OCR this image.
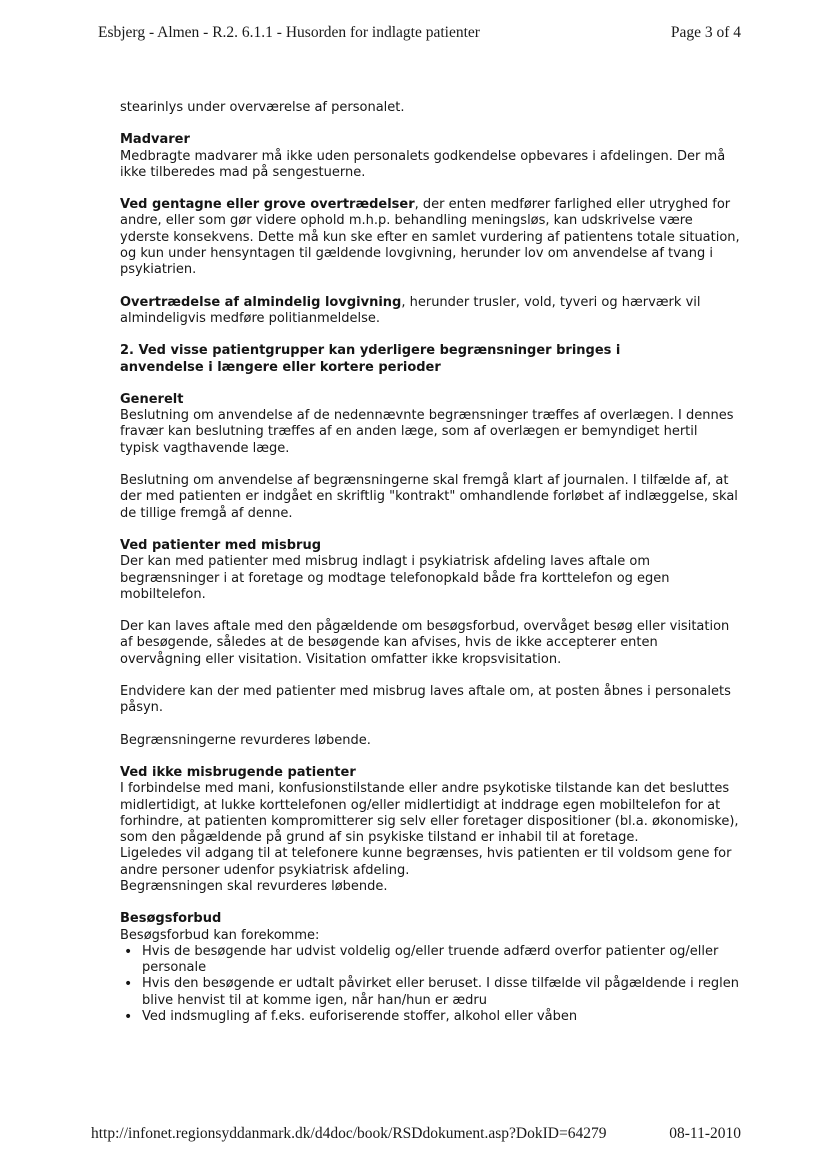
Esbjerg - Almen - R.2. 6.1.1 - Husorden for indlagte patienter	Page 3 of 4

stearinlys under overværelse af personalet.

Madvarer
Medbragte madvarer må ikke uden personalets godkendelse opbevares i afdelingen. Der må ikke tilberedes mad på sengestuerne.

Ved gentagne eller grove overtrædelser, der enten medfører farlighed eller utryghed for andre, eller som gør videre ophold m.h.p. behandling meningsløs, kan udskrivelse være yderste konsekvens. Dette må kun ske efter en samlet vurdering af patientens totale situation, og kun under hensyntagen til gældende lovgivning, herunder lov om anvendelse af tvang i psykiatrien.

Overtrædelse af almindelig lovgivning, herunder trusler, vold, tyveri og hærværk vil almindeligvis medføre politianmeldelse.

2. Ved visse patientgrupper kan yderligere begrænsninger bringes i anvendelse i længere eller kortere perioder

Generelt

Beslutning om anvendelse af de nedennævnte begrænsninger træffes af overlægen. I dennes fravær kan beslutning træffes af en anden læge, som af overlægen er bemyndiget hertil typisk vagthavende læge.

Beslutning om anvendelse af begrænsningerne skal fremgå klart af journalen. I tilfælde af, at der med patienten er indgået en skriftlig "kontrakt" omhandlende forløbet af indlæggelse, skal de tillige fremgå af denne.

Ved patienter med misbrug

Der kan med patienter med misbrug indlagt i psykiatrisk afdeling laves aftale om begrænsninger i at foretage og modtage telefonopkald både fra korttelefon og egen mobiltelefon.

Der kan laves aftale med den pågældende om besøgsforbud, overvåget besøg eller visitation af besøgende, således at de besøgende kan afvises, hvis de ikke accepterer enten overvågning eller visitation. Visitation omfatter ikke kropsvisitation.

Endvidere kan der med patienter med misbrug laves aftale om, at posten åbnes i personalets påsyn.

Begrænsningerne revurderes løbende.

Ved ikke misbrugende patienter
I forbindelse med mani, konfusionstilstande eller andre psykotiske tilstande kan det besluttes midlertidigt, at lukke korttelefonen og/eller midlertidigt at inddrage egen mobiltelefon for at forhindre, at patienten kompromitterer sig selv eller foretager dispositioner (bl.a. økonomiske), som den pågældende på grund af sin psykiske tilstand er inhabil til at foretage.
Ligeledes vil adgang til at telefonere kunne begrænses, hvis patienten er til voldsom gene for andre personer udenfor psykiatrisk afdeling.
Begrænsningen skal revurderes løbende.
Besøgsforbud
Besøgsforbud kan forekomme:
• Hvis de besøgende har udvist voldelig og/eller truende adfærd overfor patienter og/eller personale
• Hvis den besøgende er udtalt påvirket eller beruset. I disse tilfælde vil pågældende i reglen blive henvist til at komme igen, når han/hun er ædru
• Ved indsmugling af f.eks. euforiserende stoffer, alkohol eller våben
http://infonet.regionsyddanmark.dk/d4doc/book/RSDdokument.asp?DokID=64279	08-11-2010
